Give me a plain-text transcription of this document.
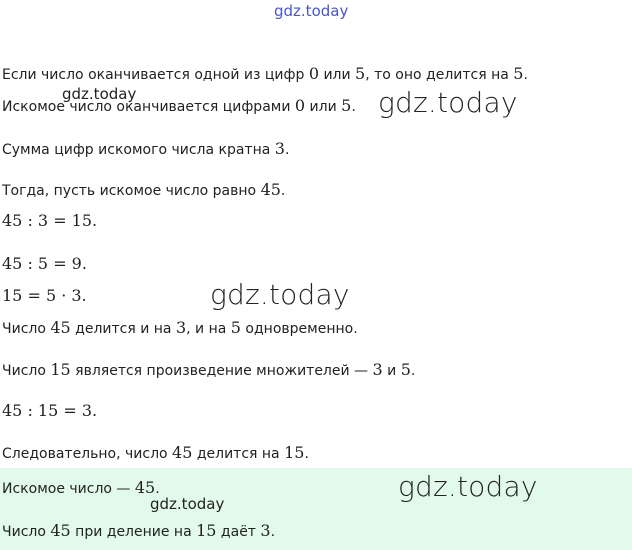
gdz.today
gdz.today	gdz.today
gdz.today
gdz.today
gdz.today
Если число оканчивается одной из цифр 0 или 5, то оно делится на 5.
Искомое число оканчивается цифрами 0 или 5.
Сумма цифр искомого числа кратна 3.
Тогда, пусть искомое число равно 45.
45 : 3 = 15.
45 : 5 = 9.
15 = 5 · 3.
Число 45 делится и на 3, и на 5 одновременно.
Число 15 является произведение множителей — 3 и 5.
45 : 15 = 3.
Следовательно, число 45 делится на 15.
Искомое число — 45.
Число 45 при деление на 15 даёт 3.
